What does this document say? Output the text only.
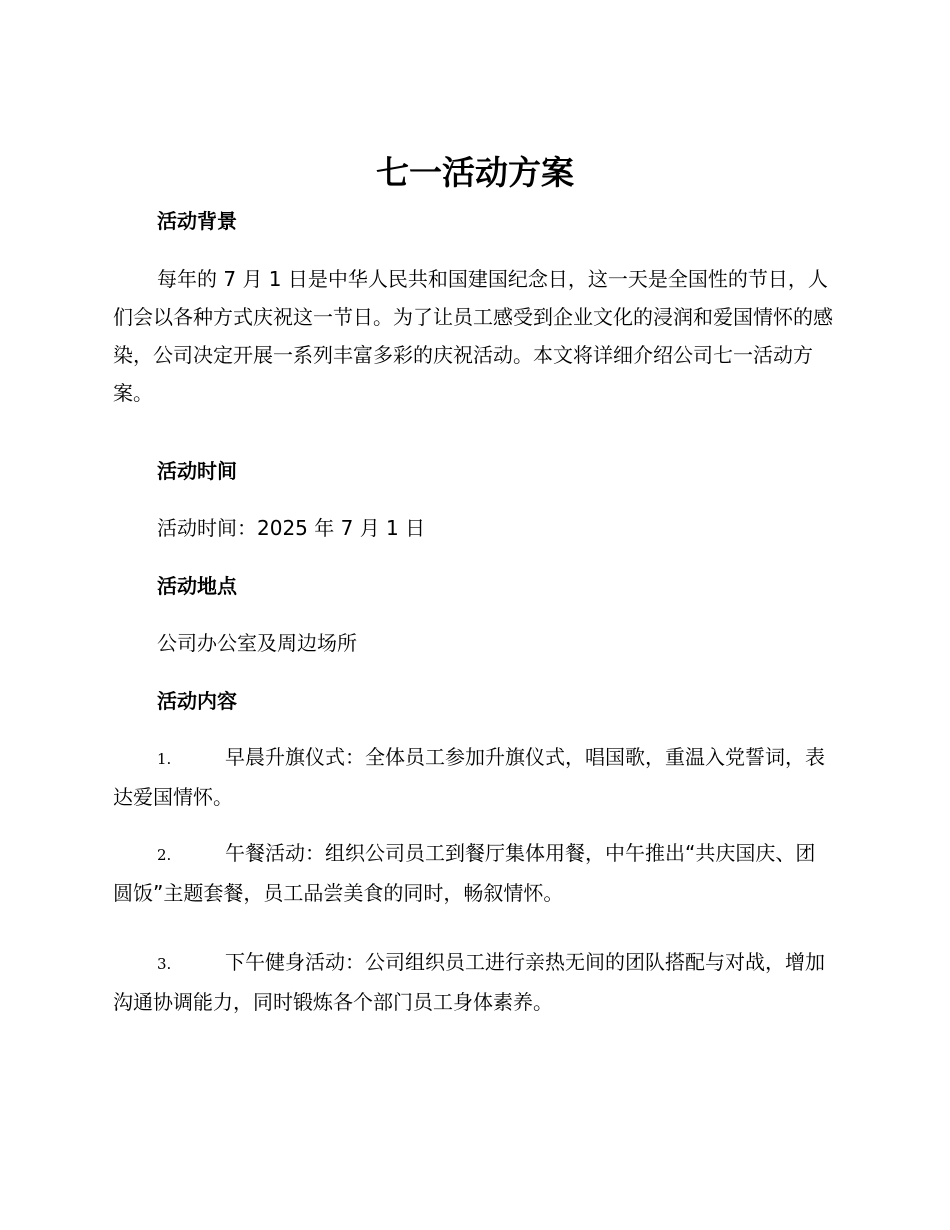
七一活动方案
活动背景

每年的 7 月 1 日是中华人民共和国建国纪念日，这一天是全国性的节日，人们会以各种方式庆祝这一节日。为了让员工感受到企业文化的浸润和爱国情怀的感染，公司决定开展一系列丰富多彩的庆祝活动。本文将详细介绍公司七一活动方案。

活动时间

活动时间：2025 年 7 月 1 日

活动地点

公司办公室及周边场所

活动内容

1.	早晨升旗仪式：全体员工参加升旗仪式，唱国歌，重温入党誓词，表达爱国情怀。

2.	午餐活动：组织公司员工到餐厅集体用餐，中午推出“共庆国庆、团圆饭”主题套餐，员工品尝美食的同时，畅叙情怀。

3.	下午健身活动：公司组织员工进行亲热无间的团队搭配与对战，增加沟通协调能力，同时锻炼各个部门员工身体素养。
